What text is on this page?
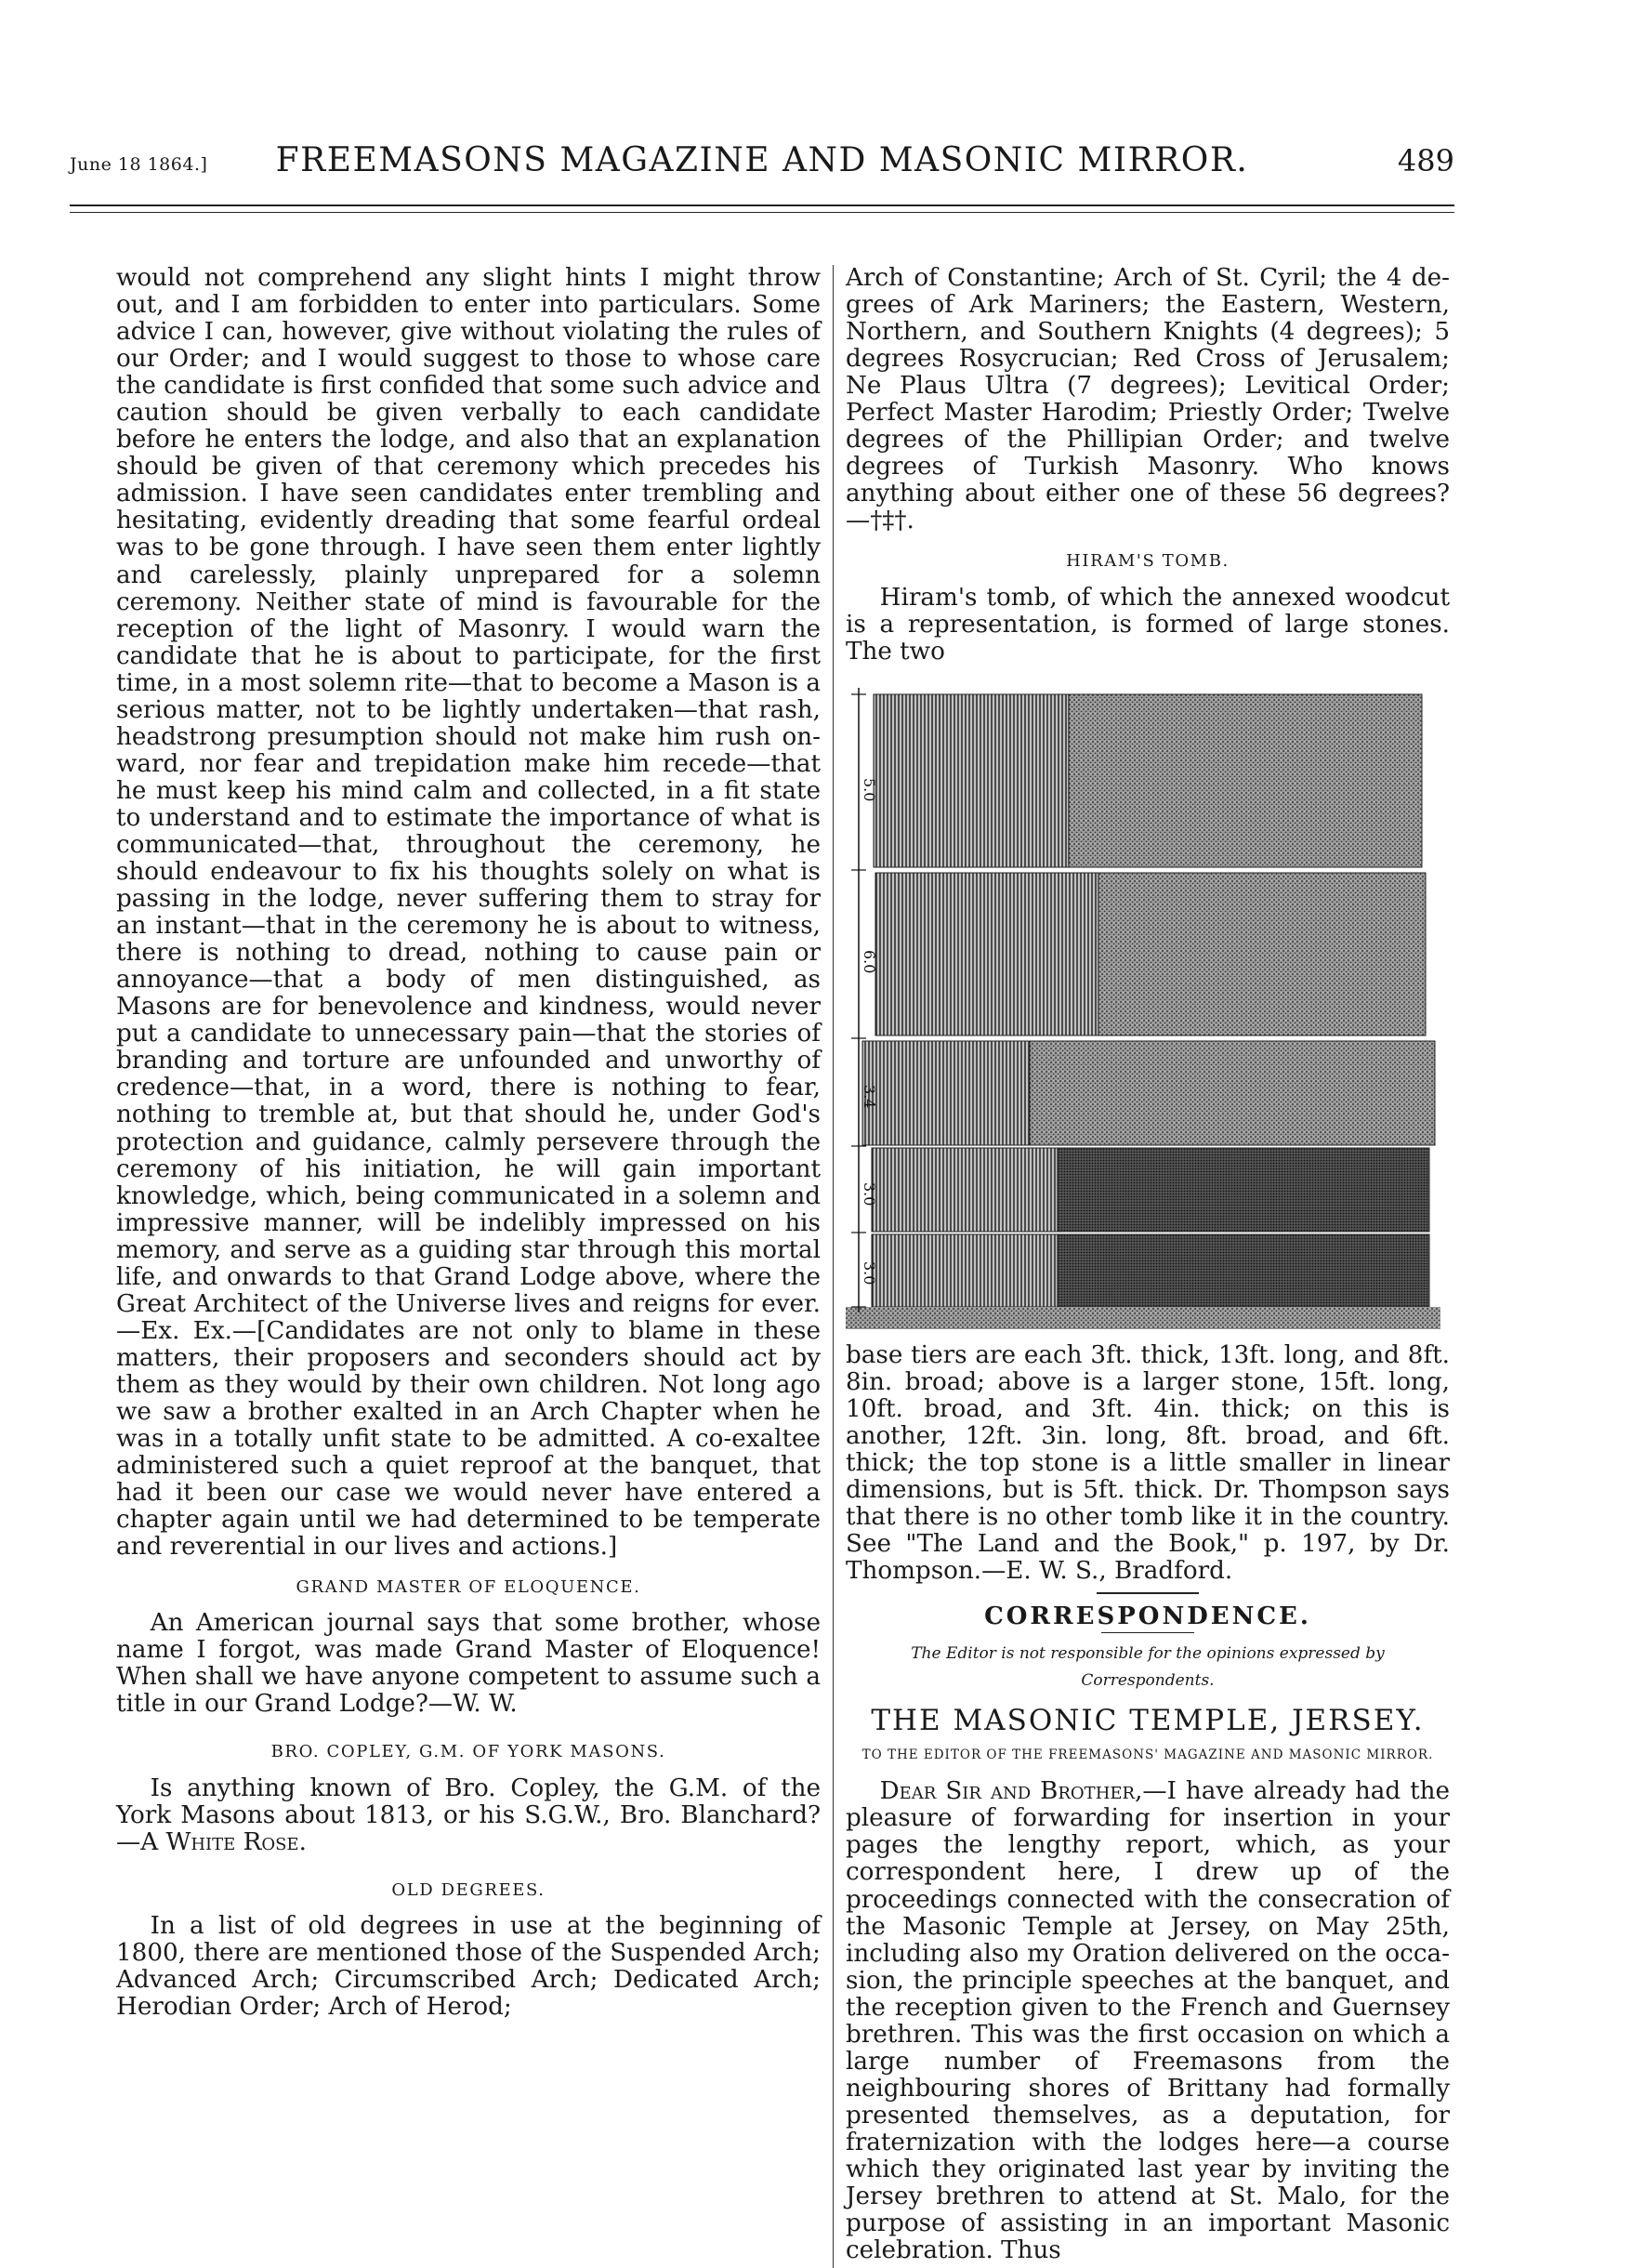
June 18 1864.]	FREEMASONS MAGAZINE AND MASONIC MIRROR.	489

would not comprehend any slight hints I might throw out, and I am forbidden to enter into particulars. Some advice I can, however, give without violating the rules of our Order; and I would suggest to those to whose care the candidate is first confided that some such advice and caution should be given verbally to each candidate before he enters the lodge, and also that an explanation should be given of that ceremony which precedes his admission. I have seen candidates enter trembling and hesitating, evidently dreading that some fearful ordeal was to be gone through. I have seen them enter lightly and carelessly, plainly unprepared for a solemn ceremony. Neither state of mind is favourable for the reception of the light of Masonry. I would warn the candidate that he is about to participate, for the first time, in a most solemn rite—that to become a Mason is a serious matter, not to be lightly undertaken—that rash, headstrong presumption should not make him rush onward, nor fear and trepidation make him recede—that he must keep his mind calm and collected, in a fit state to understand and to estimate the importance of what is communicated—that, throughout the ceremony, he should endeavour to fix his thoughts solely on what is passing in the lodge, never suffering them to stray for an instant—that in the ceremony he is about to witness, there is nothing to dread, nothing to cause pain or annoyance—that a body of men distinguished, as Masons are for benevolence and kindness, would never put a candidate to unnecessary pain—that the stories of branding and torture are unfounded and unworthy of credence—that, in a word, there is nothing to fear, nothing to tremble at, but that should he, under God's protection and guidance, calmly persevere through the ceremony of his initiation, he will gain important knowledge, which, being communicated in a solemn and impressive manner, will be indelibly impressed on his memory, and serve as a guiding star through this mortal life, and onwards to that Grand Lodge above, where the Great Architect of the Universe lives and reigns for ever.—Ex. Ex.—[Candidates are not only to blame in these matters, their proposers and seconders should act by them as they would by their own children. Not long ago we saw a brother exalted in an Arch Chapter when he was in a totally unfit state to be admitted. A co-exaltee administered such a quiet reproof at the banquet, that had it been our case we would never have entered a chapter again until we had determined to be temperate and reverential in our lives and actions.]

GRAND MASTER OF ELOQUENCE.

An American journal says that some brother, whose name I forgot, was made Grand Master of Eloquence! When shall we have anyone competent to assume such a title in our Grand Lodge?—W. W.

BRO. COPLEY, G.M. OF YORK MASONS.

Is anything known of Bro. Copley, the G.M. of the York Masons about 1813, or his S.G.W., Bro. Blanchard?—A White Rose.

OLD DEGREES.

In a list of old degrees in use at the beginning of 1800, there are mentioned those of the Suspended Arch; Advanced Arch; Circumscribed Arch; Dedicated Arch; Herodian Order; Arch of Herod;

Arch of Constantine; Arch of St. Cyril; the 4 degrees of Ark Mariners; the Eastern, Western, Northern, and Southern Knights (4 degrees); 5 degrees Rosycrucian; Red Cross of Jerusalem; Ne Plaus Ultra (7 degrees); Levitical Order; Perfect Master Harodim; Priestly Order; Twelve degrees of the Phillipian Order; and twelve degrees of Turkish Masonry. Who knows anything about either one of these 56 degrees?—†‡†.

HIRAM'S TOMB.

Hiram's tomb, of which the annexed woodcut is a representation, is formed of large stones. The two

5.0
6.0
3.4
3.0
3.0

base tiers are each 3ft. thick, 13ft. long, and 8ft. 8in. broad; above is a larger stone, 15ft. long, 10ft. broad, and 3ft. 4in. thick; on this is another, 12ft. 3in. long, 8ft. broad, and 6ft. thick; the top stone is a little smaller in linear dimensions, but is 5ft. thick. Dr. Thompson says that there is no other tomb like it in the country. See "The Land and the Book," p. 197, by Dr. Thompson.—E. W. S., Bradford.

CORRESPONDENCE.
The Editor is not responsible for the opinions expressed by Correspondents.
THE MASONIC TEMPLE, JERSEY.
TO THE EDITOR OF THE FREEMASONS' MAGAZINE AND MASONIC MIRROR.

Dear Sir and Brother,—I have already had the pleasure of forwarding for insertion in your pages the lengthy report, which, as your correspondent here, I drew up of the proceedings connected with the consecration of the Masonic Temple at Jersey, on May 25th, including also my Oration delivered on the occasion, the principle speeches at the banquet, and the reception given to the French and Guernsey brethren. This was the first occasion on which a large number of Freemasons from the neighbouring shores of Brittany had formally presented themselves, as a deputation, for fraternization with the lodges here—a course which they originated last year by inviting the Jersey brethren to attend at St. Malo, for the purpose of assisting in an important Masonic celebration. Thus
